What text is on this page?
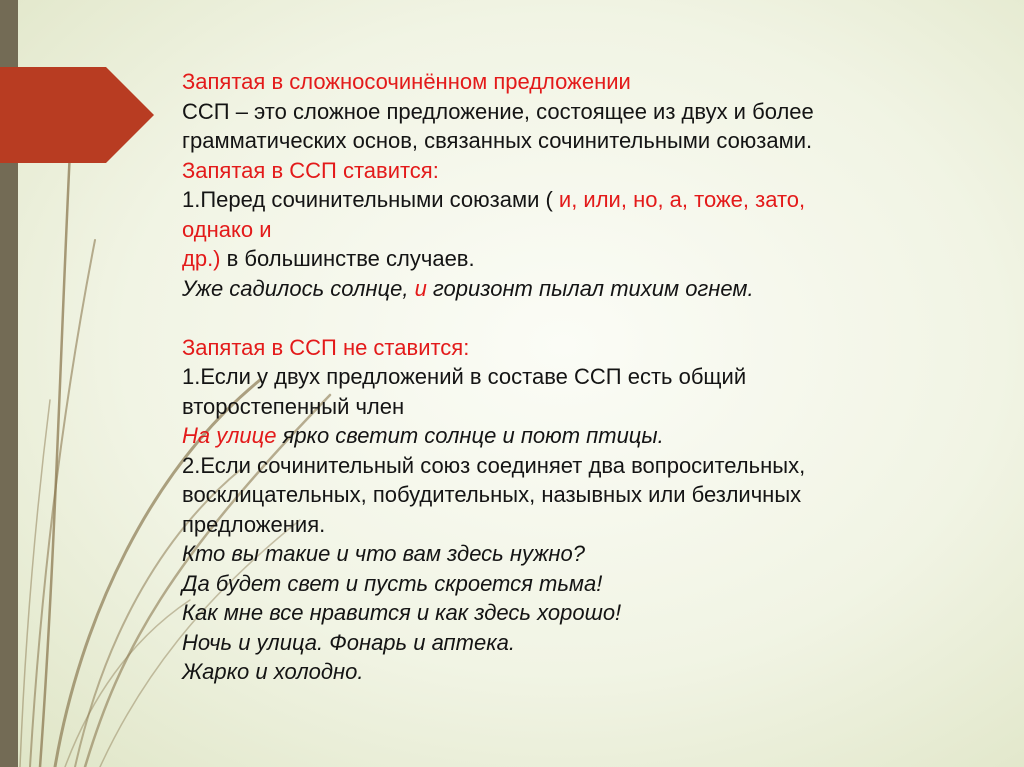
Запятая в сложносочинённом предложении
ССП – это сложное предложение, состоящее из двух и более
грамматических основ, связанных сочинительными союзами.
Запятая в ССП ставится:
1.Перед сочинительными союзами ( и, или, но, а, тоже, зато,
однако и
др.) в большинстве случаев.
Уже садилось солнце, и горизонт пылал тихим огнем.
Запятая в ССП не ставится:
1.Если у двух предложений в составе ССП есть общий
второстепенный член
На улице ярко светит солнце и поют птицы.
2.Если сочинительный союз соединяет два вопросительных,
восклицательных, побудительных, назывных или безличных
предложения.
Кто вы такие и что вам здесь нужно?
Да будет свет и пусть скроется тьма!
Как мне все нравится и как здесь хорошо!
Ночь и улица. Фонарь и аптека.
Жарко и холодно.
